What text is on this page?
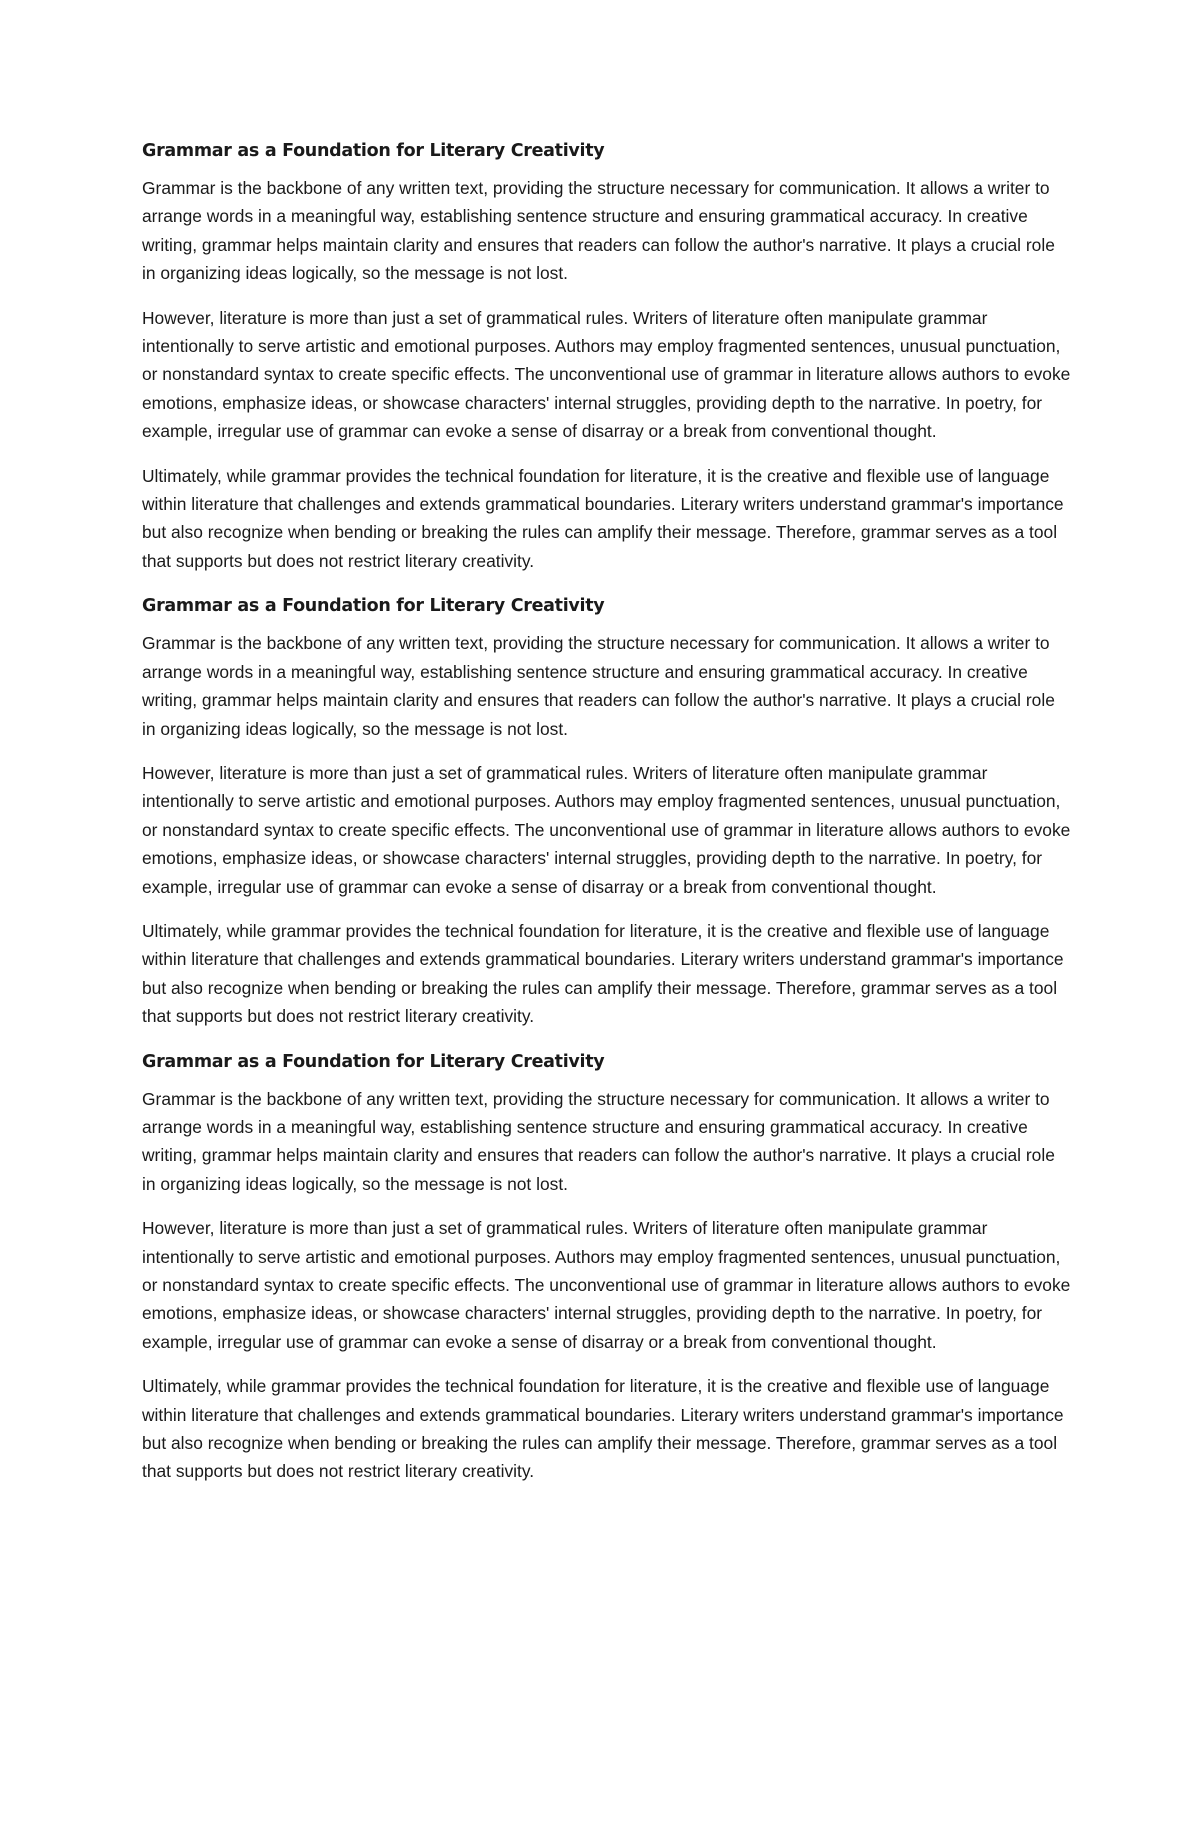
Grammar as a Foundation for Literary Creativity

Grammar is the backbone of any written text, providing the structure necessary for communication. It allows a writer to arrange words in a meaningful way, establishing sentence structure and ensuring grammatical accuracy. In creative writing, grammar helps maintain clarity and ensures that readers can follow the author's narrative. It plays a crucial role in organizing ideas logically, so the message is not lost.

However, literature is more than just a set of grammatical rules. Writers of literature often manipulate grammar intentionally to serve artistic and emotional purposes. Authors may employ fragmented sentences, unusual punctuation, or nonstandard syntax to create specific effects. The unconventional use of grammar in literature allows authors to evoke emotions, emphasize ideas, or showcase characters' internal struggles, providing depth to the narrative. In poetry, for example, irregular use of grammar can evoke a sense of disarray or a break from conventional thought.

Ultimately, while grammar provides the technical foundation for literature, it is the creative and flexible use of language within literature that challenges and extends grammatical boundaries. Literary writers understand grammar's importance but also recognize when bending or breaking the rules can amplify their message. Therefore, grammar serves as a tool that supports but does not restrict literary creativity.

Grammar as a Foundation for Literary Creativity

Grammar is the backbone of any written text, providing the structure necessary for communication. It allows a writer to arrange words in a meaningful way, establishing sentence structure and ensuring grammatical accuracy. In creative writing, grammar helps maintain clarity and ensures that readers can follow the author's narrative. It plays a crucial role in organizing ideas logically, so the message is not lost.

However, literature is more than just a set of grammatical rules. Writers of literature often manipulate grammar intentionally to serve artistic and emotional purposes. Authors may employ fragmented sentences, unusual punctuation, or nonstandard syntax to create specific effects. The unconventional use of grammar in literature allows authors to evoke emotions, emphasize ideas, or showcase characters' internal struggles, providing depth to the narrative. In poetry, for example, irregular use of grammar can evoke a sense of disarray or a break from conventional thought.

Ultimately, while grammar provides the technical foundation for literature, it is the creative and flexible use of language within literature that challenges and extends grammatical boundaries. Literary writers understand grammar's importance but also recognize when bending or breaking the rules can amplify their message. Therefore, grammar serves as a tool that supports but does not restrict literary creativity.

Grammar as a Foundation for Literary Creativity

Grammar is the backbone of any written text, providing the structure necessary for communication. It allows a writer to arrange words in a meaningful way, establishing sentence structure and ensuring grammatical accuracy. In creative writing, grammar helps maintain clarity and ensures that readers can follow the author's narrative. It plays a crucial role in organizing ideas logically, so the message is not lost.

However, literature is more than just a set of grammatical rules. Writers of literature often manipulate grammar intentionally to serve artistic and emotional purposes. Authors may employ fragmented sentences, unusual punctuation, or nonstandard syntax to create specific effects. The unconventional use of grammar in literature allows authors to evoke emotions, emphasize ideas, or showcase characters' internal struggles, providing depth to the narrative. In poetry, for example, irregular use of grammar can evoke a sense of disarray or a break from conventional thought.

Ultimately, while grammar provides the technical foundation for literature, it is the creative and flexible use of language within literature that challenges and extends grammatical boundaries. Literary writers understand grammar's importance but also recognize when bending or breaking the rules can amplify their message. Therefore, grammar serves as a tool that supports but does not restrict literary creativity.
